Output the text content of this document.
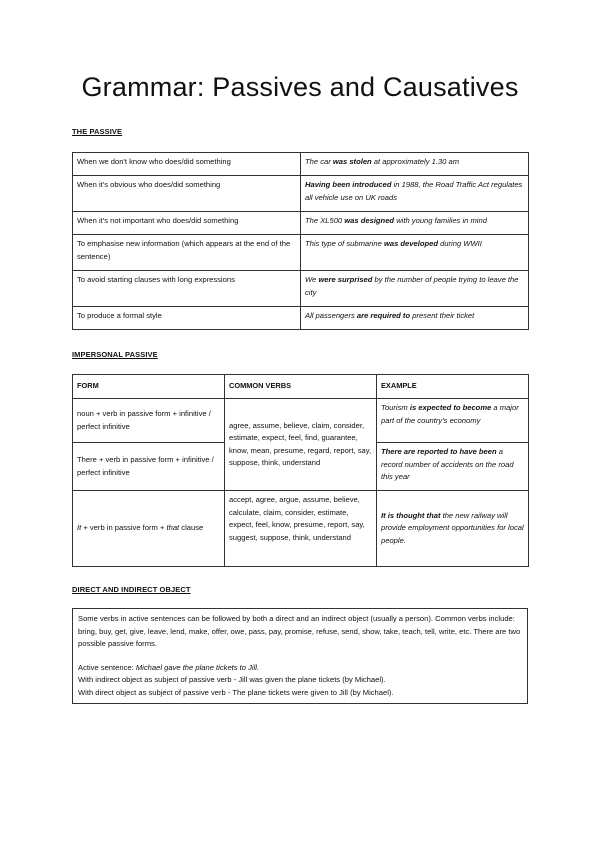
Grammar: Passives and Causatives
THE PASSIVE
When we don't know who does/did something	The car was stolen at approximately 1.30 am
When it's obvious who does/did something	Having been introduced in 1988, the Road Traffic Act regulates all vehicle use on UK roads
When it's not important who does/did something	The XL500 was designed with young families in mind
To emphasise new information (which appears at the end of the sentence)	This type of submarine was developed during WWII
To avoid starting clauses with long expressions	We were surprised by the number of people trying to leave the city
To produce a formal style	All passengers are required to present their ticket
IMPERSONAL PASSIVE
FORM	COMMON VERBS	EXAMPLE
noun + verb in passive form + infinitive / perfect infinitive	agree, assume, believe, claim, consider, estimate, expect, feel, find, guarantee, know, mean, presume, regard, report, say, suppose, think, understand	Tourism is expected to become a major part of the country's economy
There + verb in passive form + infinitive / perfect infinitive		There are reported to have been a record number of accidents on the road this year
It + verb in passive form + that clause	accept, agree, argue, assume, believe, calculate, claim, consider, estimate, expect, feel, know, presume, report, say, suggest, suppose, think, understand	It is thought that the new railway will provide employment opportunities for local people.
DIRECT AND INDIRECT OBJECT

Some verbs in active sentences can be followed by both a direct and an indirect object (usually a person). Common verbs include: bring, buy, get, give, leave, lend, make, offer, owe, pass, pay, promise, refuse, send, show, take, teach, tell, write, etc. There are two possible passive forms.

Active sentence: Michael gave the plane tickets to Jill.

With indirect object as subject of passive verb - Jill was given the plane tickets (by Michael).

With direct object as subject of passive verb - The plane tickets were given to Jill (by Michael).
